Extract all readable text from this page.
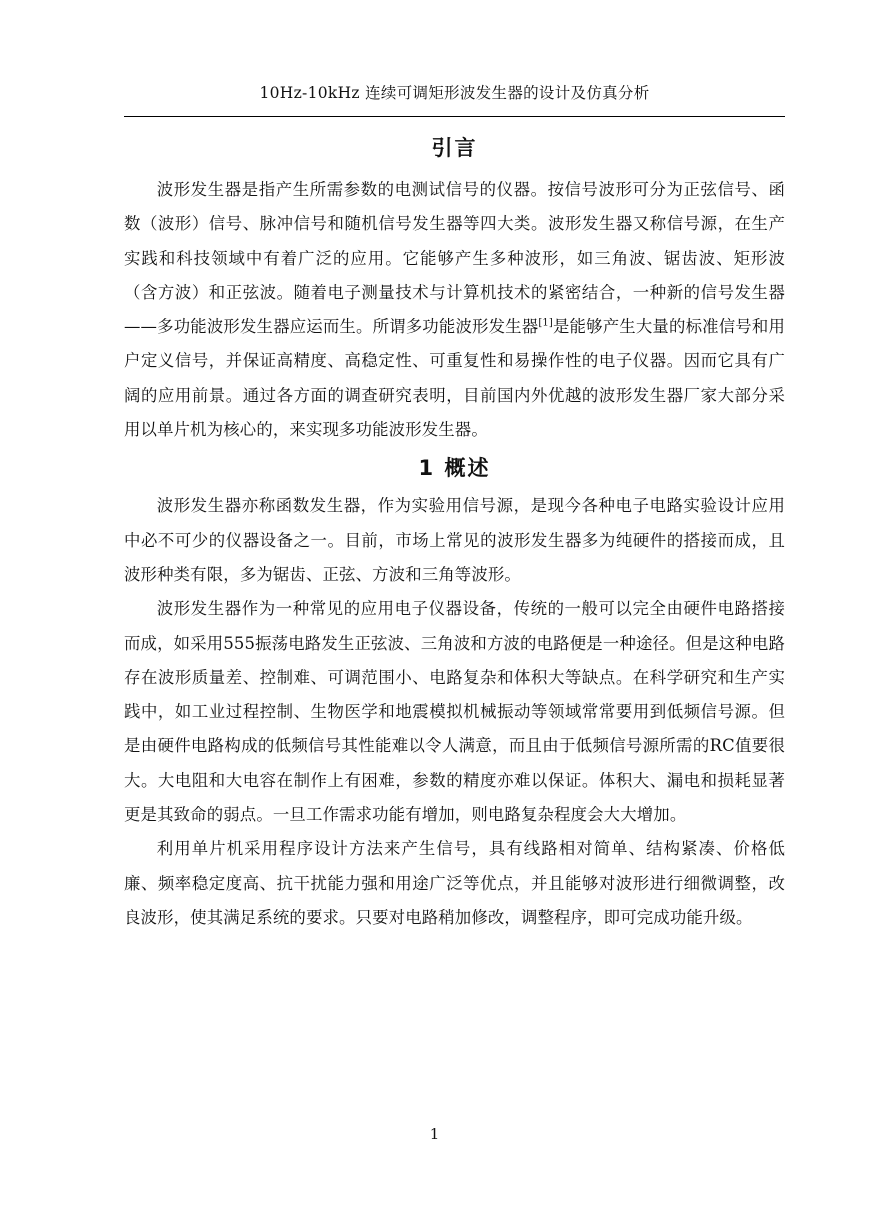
10Hz-10kHz 连续可调矩形波发生器的设计及仿真分析
引言

波形发生器是指产生所需参数的电测试信号的仪器。按信号波形可分为正弦信号、函数（波形）信号、脉冲信号和随机信号发生器等四大类。波形发生器又称信号源，在生产实践和科技领域中有着广泛的应用。它能够产生多种波形，如三角波、锯齿波、矩形波（含方波）和正弦波。随着电子测量技术与计算机技术的紧密结合，一种新的信号发生器——多功能波形发生器应运而生。所谓多功能波形发生器[1]是能够产生大量的标准信号和用户定义信号，并保证高精度、高稳定性、可重复性和易操作性的电子仪器。因而它具有广阔的应用前景。通过各方面的调查研究表明，目前国内外优越的波形发生器厂家大部分采用以单片机为核心的，来实现多功能波形发生器。

1 概述

波形发生器亦称函数发生器，作为实验用信号源，是现今各种电子电路实验设计应用中必不可少的仪器设备之一。目前，市场上常见的波形发生器多为纯硬件的搭接而成，且波形种类有限，多为锯齿、正弦、方波和三角等波形。

波形发生器作为一种常见的应用电子仪器设备，传统的一般可以完全由硬件电路搭接而成，如采用555振荡电路发生正弦波、三角波和方波的电路便是一种途径。但是这种电路存在波形质量差、控制难、可调范围小、电路复杂和体积大等缺点。在科学研究和生产实践中，如工业过程控制、生物医学和地震模拟机械振动等领域常常要用到低频信号源。但是由硬件电路构成的低频信号其性能难以令人满意，而且由于低频信号源所需的RC值要很大。大电阻和大电容在制作上有困难，参数的精度亦难以保证。体积大、漏电和损耗显著更是其致命的弱点。一旦工作需求功能有增加，则电路复杂程度会大大增加。

利用单片机采用程序设计方法来产生信号，具有线路相对简单、结构紧凑、价格低廉、频率稳定度高、抗干扰能力强和用途广泛等优点，并且能够对波形进行细微调整，改良波形，使其满足系统的要求。只要对电路稍加修改，调整程序，即可完成功能升级。

1
